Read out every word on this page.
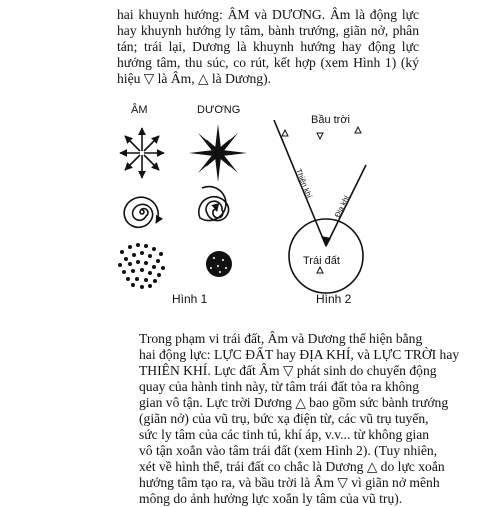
hai khuynh hướng: ÂM và DƯƠNG. Âm là động lực
hay khuynh hướng ly tâm, bành trướng, giãn nở, phân
tán; trái lại, Dương là khuynh hướng hay động lực
hướng tâm, thu súc, co rút, kết hợp (xem Hình 1) (ký
hiệu ▽ là Âm, △ là Dương).

ÂM	DƯƠNG
Thiên khí
Địa khí
Bầu trời
Trái đất
Hình 1	Hình 2

Trong phạm vi trái đất, Âm và Dương thể hiện bằng
hai động lực: LỰC ĐẤT hay ĐỊA KHÍ, và LỰC TRỜI hay
THIÊN KHÍ. Lực đất Âm ▽ phát sinh do chuyển động
quay của hành tinh này, từ tâm trái đất tỏa ra không
gian vô tận. Lực trời Dương △ bao gồm sức bành trướng
(giãn nở) của vũ trụ, bức xạ điện từ, các vũ trụ tuyến,
sức ly tâm của các tinh tú, khí áp, v.v... từ không gian
vô tận xoắn vào tâm trái đất (xem Hình 2). (Tuy nhiên,
xét về hình thể, trái đất co chắc là Dương △ do lực xoắn
hướng tâm tạo ra, và bầu trời là Âm ▽ vì giãn nở mênh
mông do ảnh hưởng lực xoắn ly tâm của vũ trụ).
